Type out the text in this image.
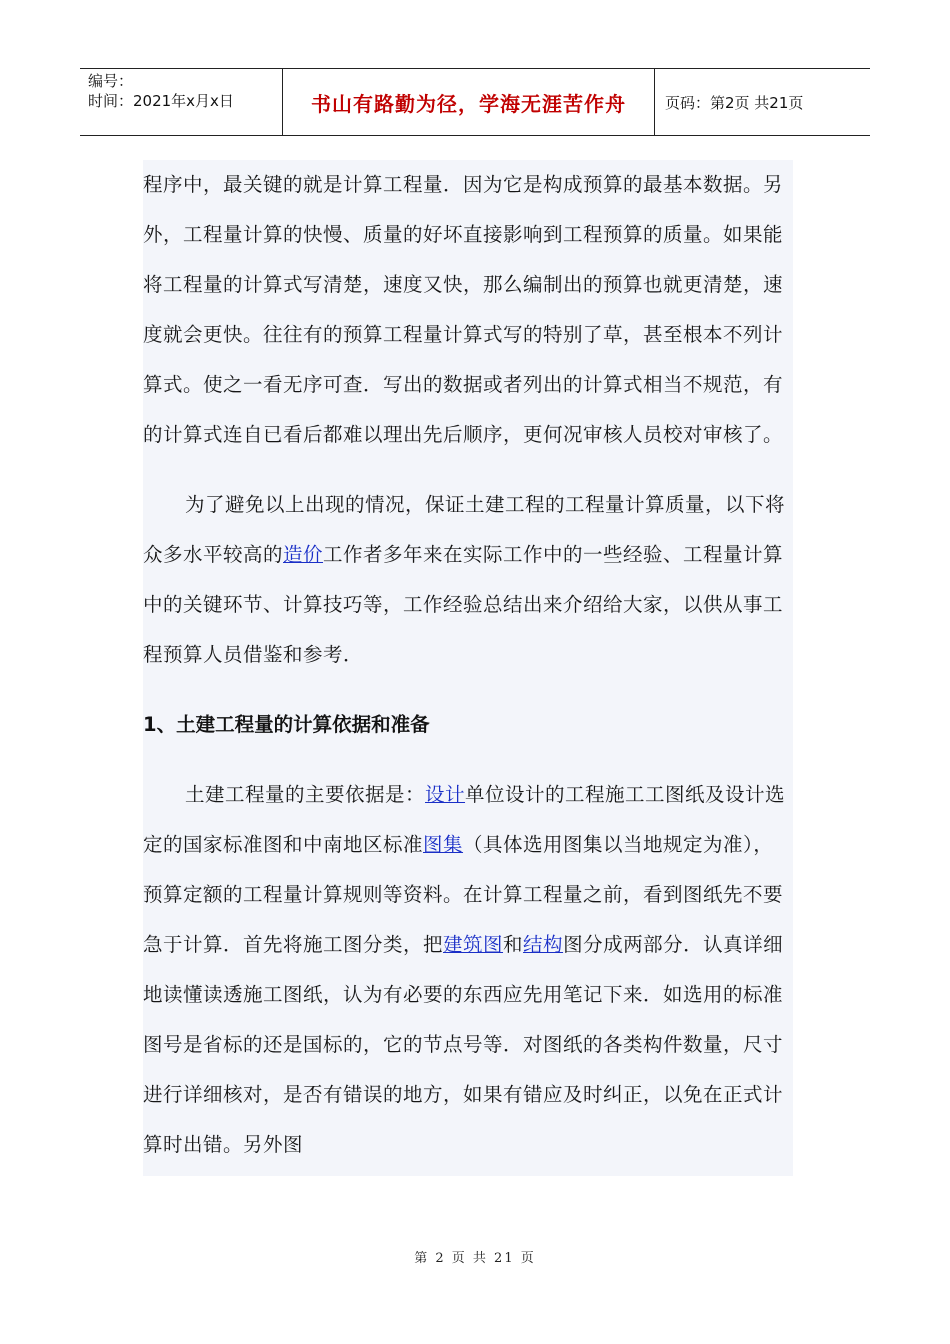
编号：
时间：2021年x月x日	书山有路勤为径，学海无涯苦作舟	页码：第2页 共21页

程序中，最关键的就是计算工程量．因为它是构成预算的最基本数据。另外，工程量计算的快慢、质量的好坏直接影响到工程预算的质量。如果能将工程量的计算式写清楚，速度又快，那么编制出的预算也就更清楚，速度就会更快。往往有的预算工程量计算式写的特别了草，甚至根本不列计算式。使之一看无序可查．写出的数据或者列出的计算式相当不规范，有的计算式连自已看后都难以理出先后顺序，更何况审核人员校对审核了。

为了避免以上出现的情况，保证土建工程的工程量计算质量，以下将众多水平较高的造价工作者多年来在实际工作中的一些经验、工程量计算中的关键环节、计算技巧等，工作经验总结出来介绍给大家，以供从事工程预算人员借鉴和参考．

1、土建工程量的计算依据和准备

土建工程量的主要依据是：设计单位设计的工程施工工图纸及设计选定的国家标准图和中南地区标准图集（具体选用图集以当地规定为准），预算定额的工程量计算规则等资料。在计算工程量之前，看到图纸先不要急于计算．首先将施工图分类，把建筑图和结构图分成两部分．认真详细地读懂读透施工图纸，认为有必要的东西应先用笔记下来．如选用的标准图号是省标的还是国标的，它的节点号等．对图纸的各类构件数量，尺寸进行详细核对，是否有错误的地方，如果有错应及时纠正，以免在正式计算时出错。另外图

第 2 页 共 21 页
